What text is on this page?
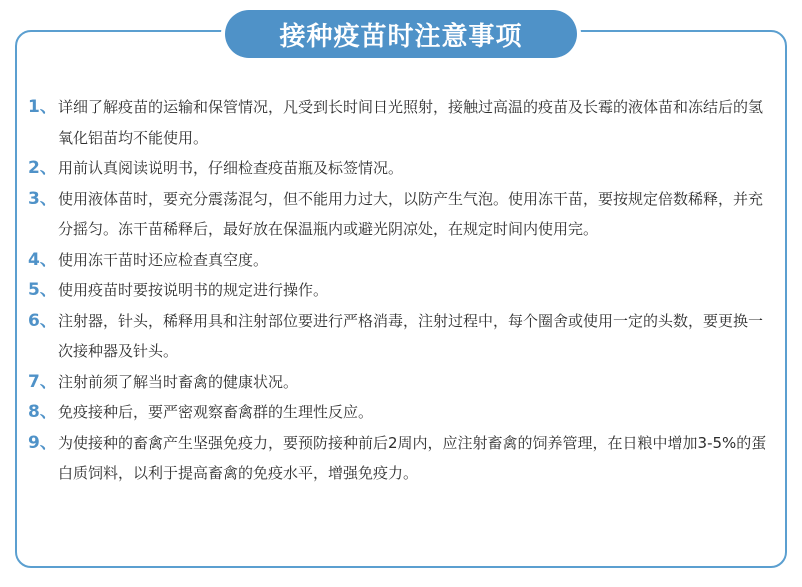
接种疫苗时注意事项
1、 详细了解疫苗的运输和保管情况，凡受到长时间日光照射，接触过高温的疫苗及长霉的液体苗和冻结后的氢氧化铝苗均不能使用。
2、 用前认真阅读说明书，仔细检查疫苗瓶及标签情况。
3、 使用液体苗时，要充分震荡混匀，但不能用力过大，以防产生气泡。使用冻干苗，要按规定倍数稀释，并充分摇匀。冻干苗稀释后，最好放在保温瓶内或避光阴凉处，在规定时间内使用完。
4、 使用冻干苗时还应检查真空度。
5、 使用疫苗时要按说明书的规定进行操作。
6、 注射器，针头，稀释用具和注射部位要进行严格消毒，注射过程中，每个圈舍或使用一定的头数，要更换一次接种器及针头。
7、 注射前须了解当时畜禽的健康状况。
8、 免疫接种后，要严密观察畜禽群的生理性反应。
9、 为使接种的畜禽产生坚强免疫力，要预防接种前后2周内，应注射畜禽的饲养管理，在日粮中增加3-5%的蛋白质饲料，以利于提高畜禽的免疫水平，增强免疫力。
